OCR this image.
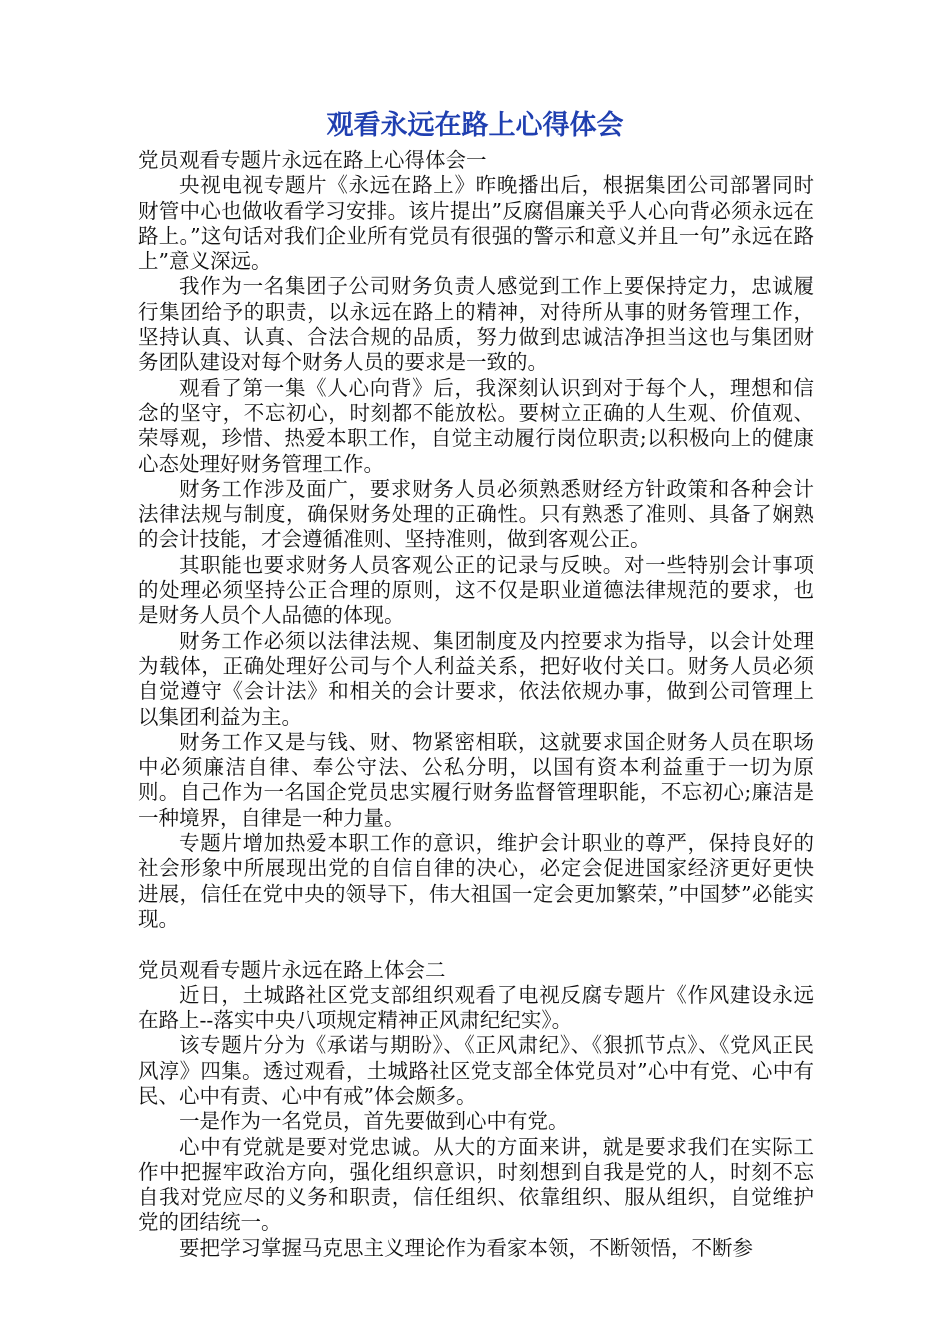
观看永远在路上心得体会

党员观看专题片永远在路上心得体会一

央视电视专题片《永远在路上》昨晚播出后，根据集团公司部署同时财管中心也做收看学习安排。该片提出”反腐倡廉关乎人心向背必须永远在路上。”这句话对我们企业所有党员有很强的警示和意义并且一句”永远在路上”意义深远。

我作为一名集团子公司财务负责人感觉到工作上要保持定力，忠诚履行集团给予的职责，以永远在路上的精神，对待所从事的财务管理工作，坚持认真、认真、合法合规的品质，努力做到忠诚洁净担当这也与集团财务团队建设对每个财务人员的要求是一致的。

观看了第一集《人心向背》后，我深刻认识到对于每个人，理想和信念的坚守，不忘初心，时刻都不能放松。要树立正确的人生观、价值观、荣辱观，珍惜、热爱本职工作，自觉主动履行岗位职责;以积极向上的健康心态处理好财务管理工作。

财务工作涉及面广，要求财务人员必须熟悉财经方针政策和各种会计法律法规与制度，确保财务处理的正确性。只有熟悉了准则、具备了娴熟的会计技能，才会遵循准则、坚持准则，做到客观公正。

其职能也要求财务人员客观公正的记录与反映。对一些特别会计事项的处理必须坚持公正合理的原则，这不仅是职业道德法律规范的要求，也是财务人员个人品德的体现。

财务工作必须以法律法规、集团制度及内控要求为指导，以会计处理为载体，正确处理好公司与个人利益关系，把好收付关口。财务人员必须自觉遵守《会计法》和相关的会计要求，依法依规办事，做到公司管理上以集团利益为主。

财务工作又是与钱、财、物紧密相联，这就要求国企财务人员在职场中必须廉洁自律、奉公守法、公私分明，以国有资本利益重于一切为原则。自己作为一名国企党员忠实履行财务监督管理职能，不忘初心;廉洁是一种境界，自律是一种力量。

专题片增加热爱本职工作的意识，维护会计职业的尊严，保持良好的社会形象中所展现出党的自信自律的决心，必定会促进国家经济更好更快进展，信任在党中央的领导下，伟大祖国一定会更加繁荣，”中国梦”必能实现。

党员观看专题片永远在路上体会二

近日，土城路社区党支部组织观看了电视反腐专题片《作风建设永远在路上--落实中央八项规定精神正风肃纪纪实》。

该专题片分为《承诺与期盼》、《正风肃纪》、《狠抓节点》、《党风正民风淳》四集。透过观看，土城路社区党支部全体党员对”心中有党、心中有民、心中有责、心中有戒”体会颇多。

一是作为一名党员，首先要做到心中有党。

心中有党就是要对党忠诚。从大的方面来讲，就是要求我们在实际工作中把握牢政治方向，强化组织意识，时刻想到自我是党的人，时刻不忘自我对党应尽的义务和职责，信任组织、依靠组织、服从组织，自觉维护党的团结统一。

要把学习掌握马克思主义理论作为看家本领，不断领悟，不断参
